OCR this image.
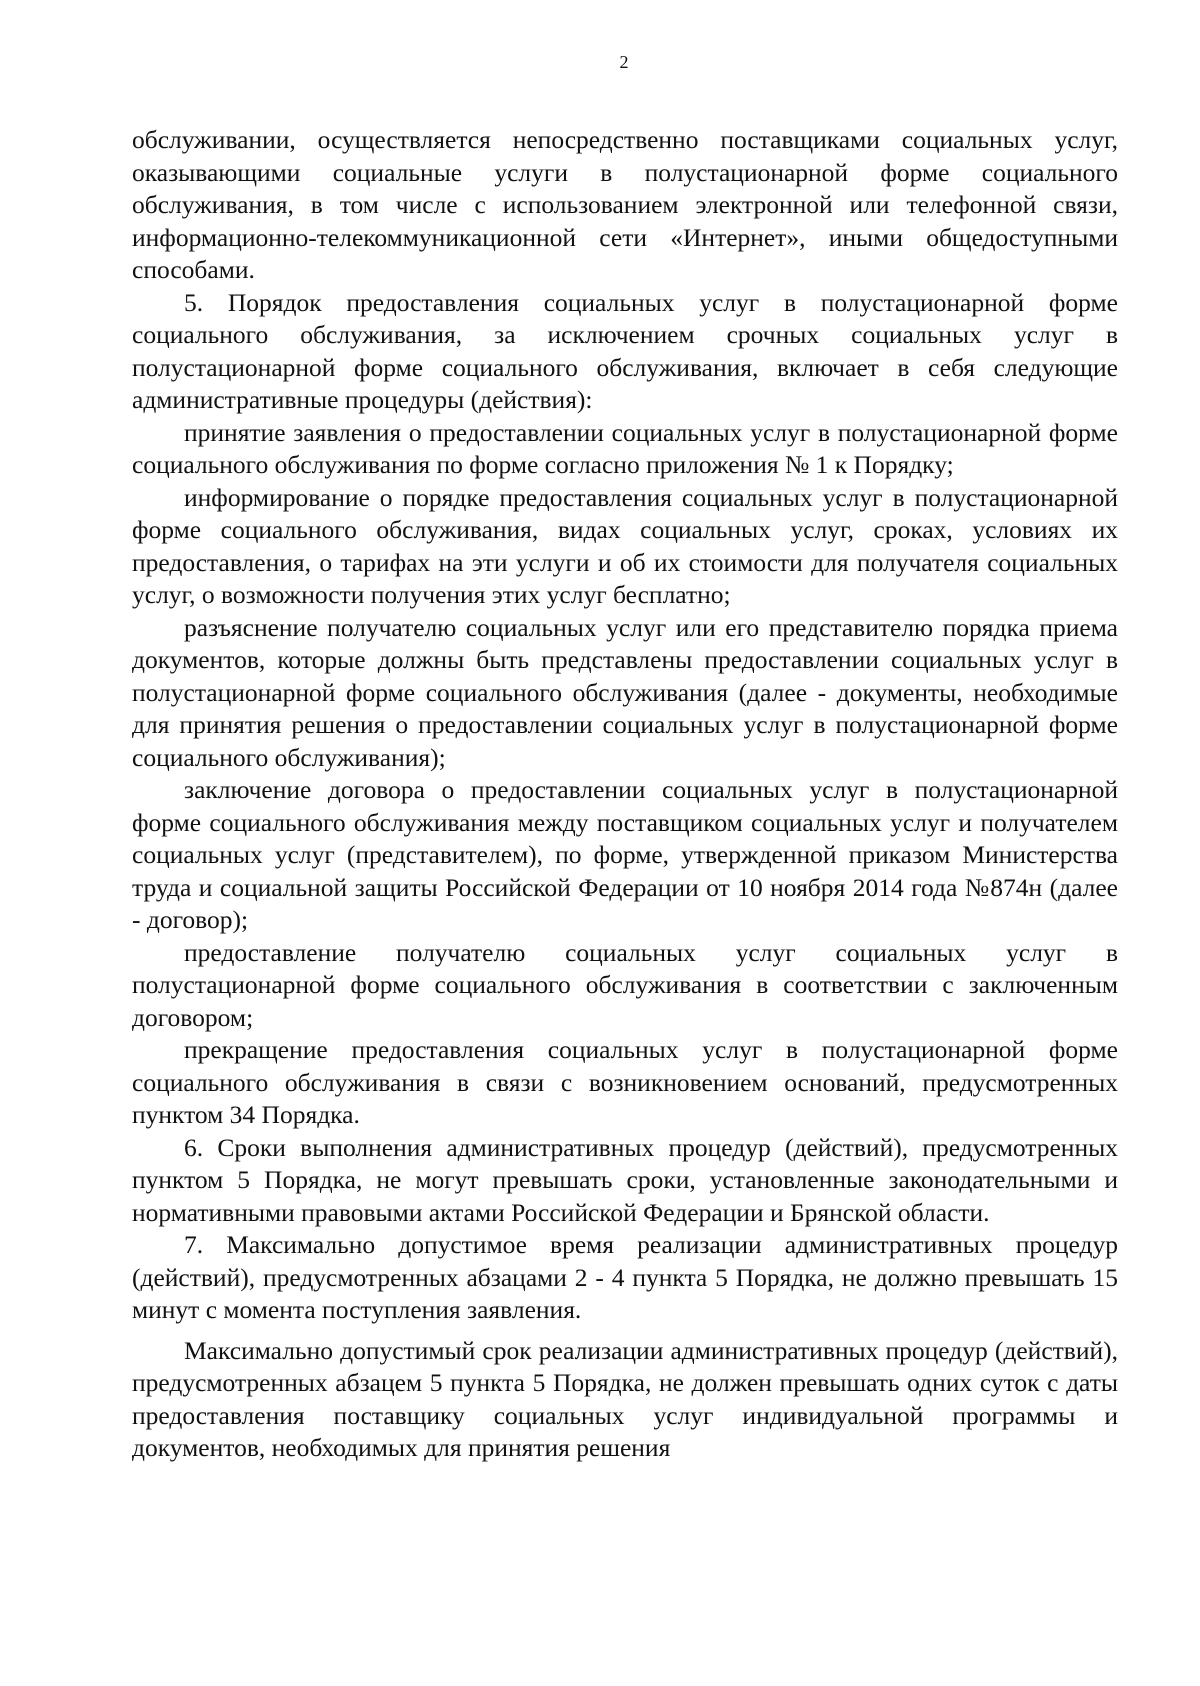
2

обслуживании, осуществляется непосредственно поставщиками социальных услуг, оказывающими социальные услуги в полустационарной форме социального обслуживания, в том числе с использованием электронной или телефонной связи, информационно-телекоммуникационной сети «Интернет», иными общедоступными способами.

5. Порядок предоставления социальных услуг в полустационарной форме социального обслуживания, за исключением срочных социальных услуг в полустационарной форме социального обслуживания, включает в себя следующие административные процедуры (действия):

принятие заявления о предоставлении социальных услуг в полустационарной форме социального обслуживания по форме согласно приложения № 1 к Порядку;

информирование о порядке предоставления социальных услуг в полустационарной форме социального обслуживания, видах социальных услуг, сроках, условиях их предоставления, о тарифах на эти услуги и об их стоимости для получателя социальных услуг, о возможности получения этих услуг бесплатно;

разъяснение получателю социальных услуг или его представителю порядка приема документов, которые должны быть представлены предоставлении социальных услуг в полустационарной форме социального обслуживания (далее - документы, необходимые для принятия решения о предоставлении социальных услуг в полустационарной форме социального обслуживания);

заключение договора о предоставлении социальных услуг в полустационарной форме социального обслуживания между поставщиком социальных услуг и получателем социальных услуг (представителем), по форме, утвержденной приказом Министерства труда и социальной защиты Российской Федерации от 10 ноября 2014 года №874н (далее - договор);

предоставление получателю социальных услуг социальных услуг в полустационарной форме социального обслуживания в соответствии с заключенным договором;

прекращение предоставления социальных услуг в полустационарной форме социального обслуживания в связи с возникновением оснований, предусмотренных пунктом 34 Порядка.

6. Сроки выполнения административных процедур (действий), предусмотренных пунктом 5 Порядка, не могут превышать сроки, установленные законодательными и нормативными правовыми актами Российской Федерации и Брянской области.

7. Максимально допустимое время реализации административных процедур (действий), предусмотренных абзацами 2 - 4 пункта 5 Порядка, не должно превышать 15 минут с момента поступления заявления.

Максимально допустимый срок реализации административных процедур (действий), предусмотренных абзацем 5 пункта 5 Порядка, не должен превышать одних суток с даты предоставления поставщику социальных услуг индивидуальной программы и документов, необходимых для принятия решения
